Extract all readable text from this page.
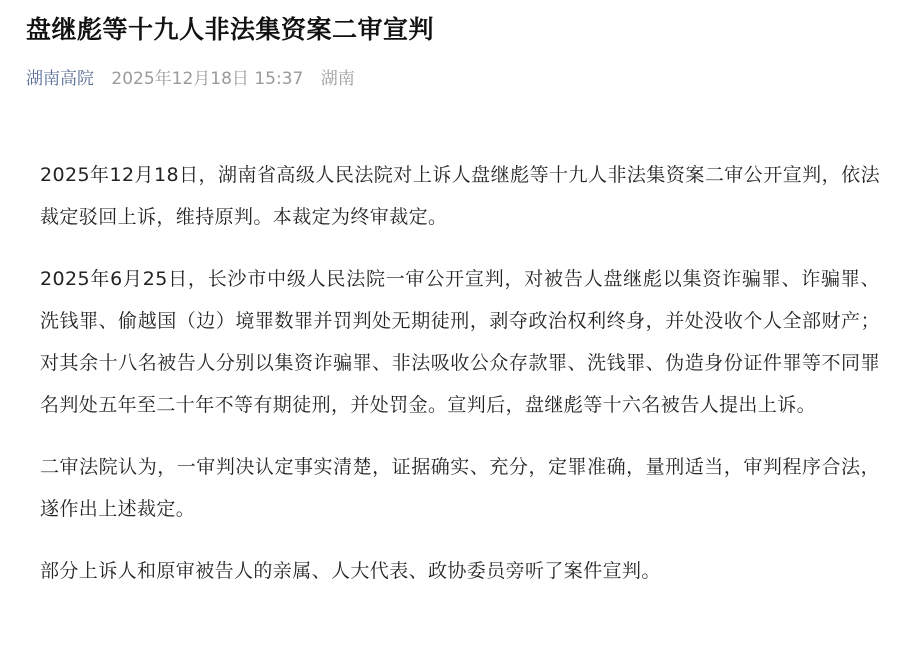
盘继彪等十九人非法集资案二审宣判
湖南高院 2025年12月18日 15:37 湖南

2025年12月18日，湖南省高级人民法院对上诉人盘继彪等十九人非法集资案二审公开宣判，依法裁定驳回上诉，维持原判。本裁定为终审裁定。

2025年6月25日，长沙市中级人民法院一审公开宣判，对被告人盘继彪以集资诈骗罪、诈骗罪、洗钱罪、偷越国（边）境罪数罪并罚判处无期徒刑，剥夺政治权利终身，并处没收个人全部财产；对其余十八名被告人分别以集资诈骗罪、非法吸收公众存款罪、洗钱罪、伪造身份证件罪等不同罪名判处五年至二十年不等有期徒刑，并处罚金。宣判后，盘继彪等十六名被告人提出上诉。

二审法院认为，一审判决认定事实清楚，证据确实、充分，定罪准确，量刑适当，审判程序合法，遂作出上述裁定。

部分上诉人和原审被告人的亲属、人大代表、政协委员旁听了案件宣判。
